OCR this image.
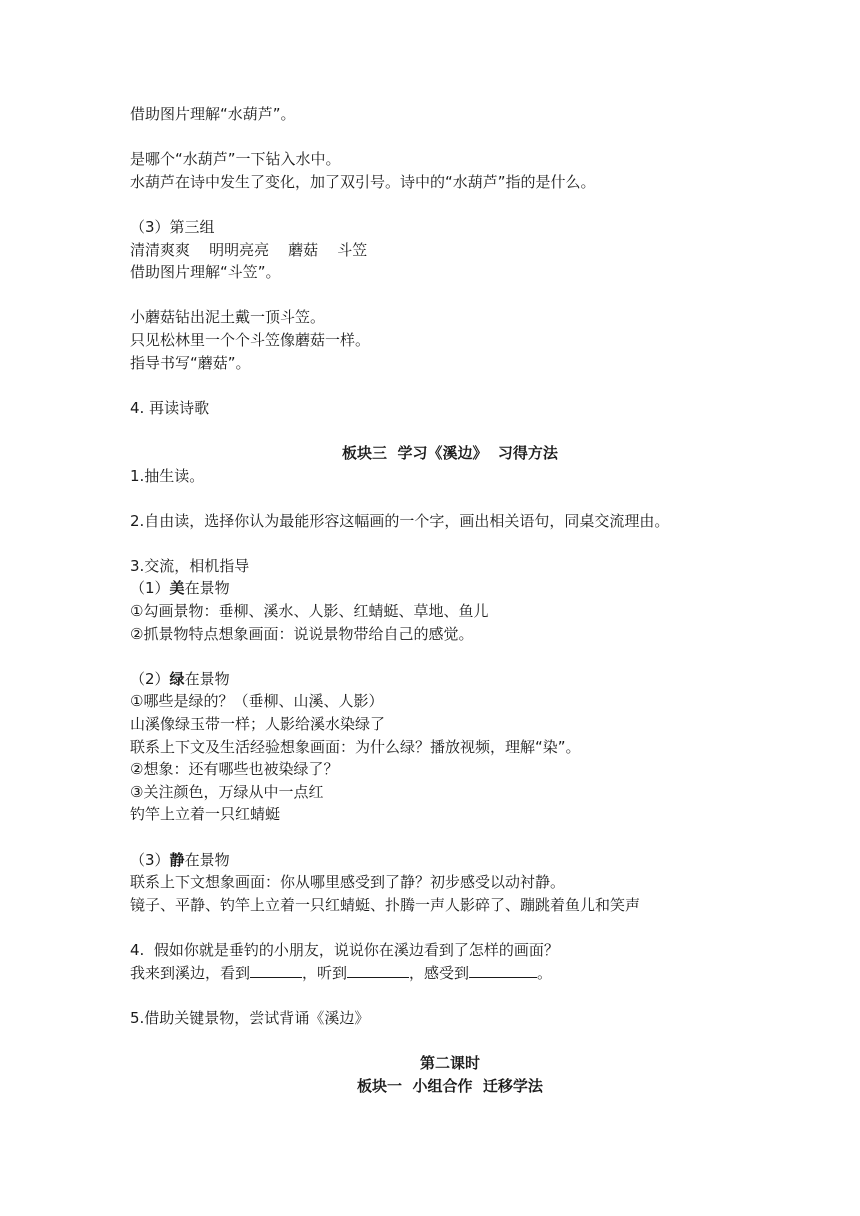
借助图片理解“水葫芦”。
是哪个“水葫芦”一下钻入水中。
水葫芦在诗中发生了变化，加了双引号。诗中的“水葫芦”指的是什么。
（3）第三组
清清爽爽    明明亮亮    蘑菇    斗笠
借助图片理解“斗笠”。
小蘑菇钻出泥土戴一顶斗笠。
只见松林里一个个斗笠像蘑菇一样。
指导书写“蘑菇”。
4. 再读诗歌
板块三  学习《溪边》  习得方法
1.抽生读。
2.自由读，选择你认为最能形容这幅画的一个字，画出相关语句，同桌交流理由。
3.交流，相机指导
（1）美在景物
①勾画景物：垂柳、溪水、人影、红蜻蜓、草地、鱼儿
②抓景物特点想象画面：说说景物带给自己的感觉。
（2）绿在景物
①哪些是绿的？（垂柳、山溪、人影）
山溪像绿玉带一样；人影给溪水染绿了
联系上下文及生活经验想象画面：为什么绿？播放视频，理解“染”。
②想象：还有哪些也被染绿了？
③关注颜色，万绿从中一点红
钓竿上立着一只红蜻蜓
（3）静在景物
联系上下文想象画面：你从哪里感受到了静？初步感受以动衬静。
镜子、平静、钓竿上立着一只红蜻蜓、扑腾一声人影碎了、蹦跳着鱼儿和笑声
4.  假如你就是垂钓的小朋友，说说你在溪边看到了怎样的画面？
我来到溪边，看到	，听到	，感受到	。
5.借助关键景物，尝试背诵《溪边》
第二课时
板块一  小组合作  迁移学法
